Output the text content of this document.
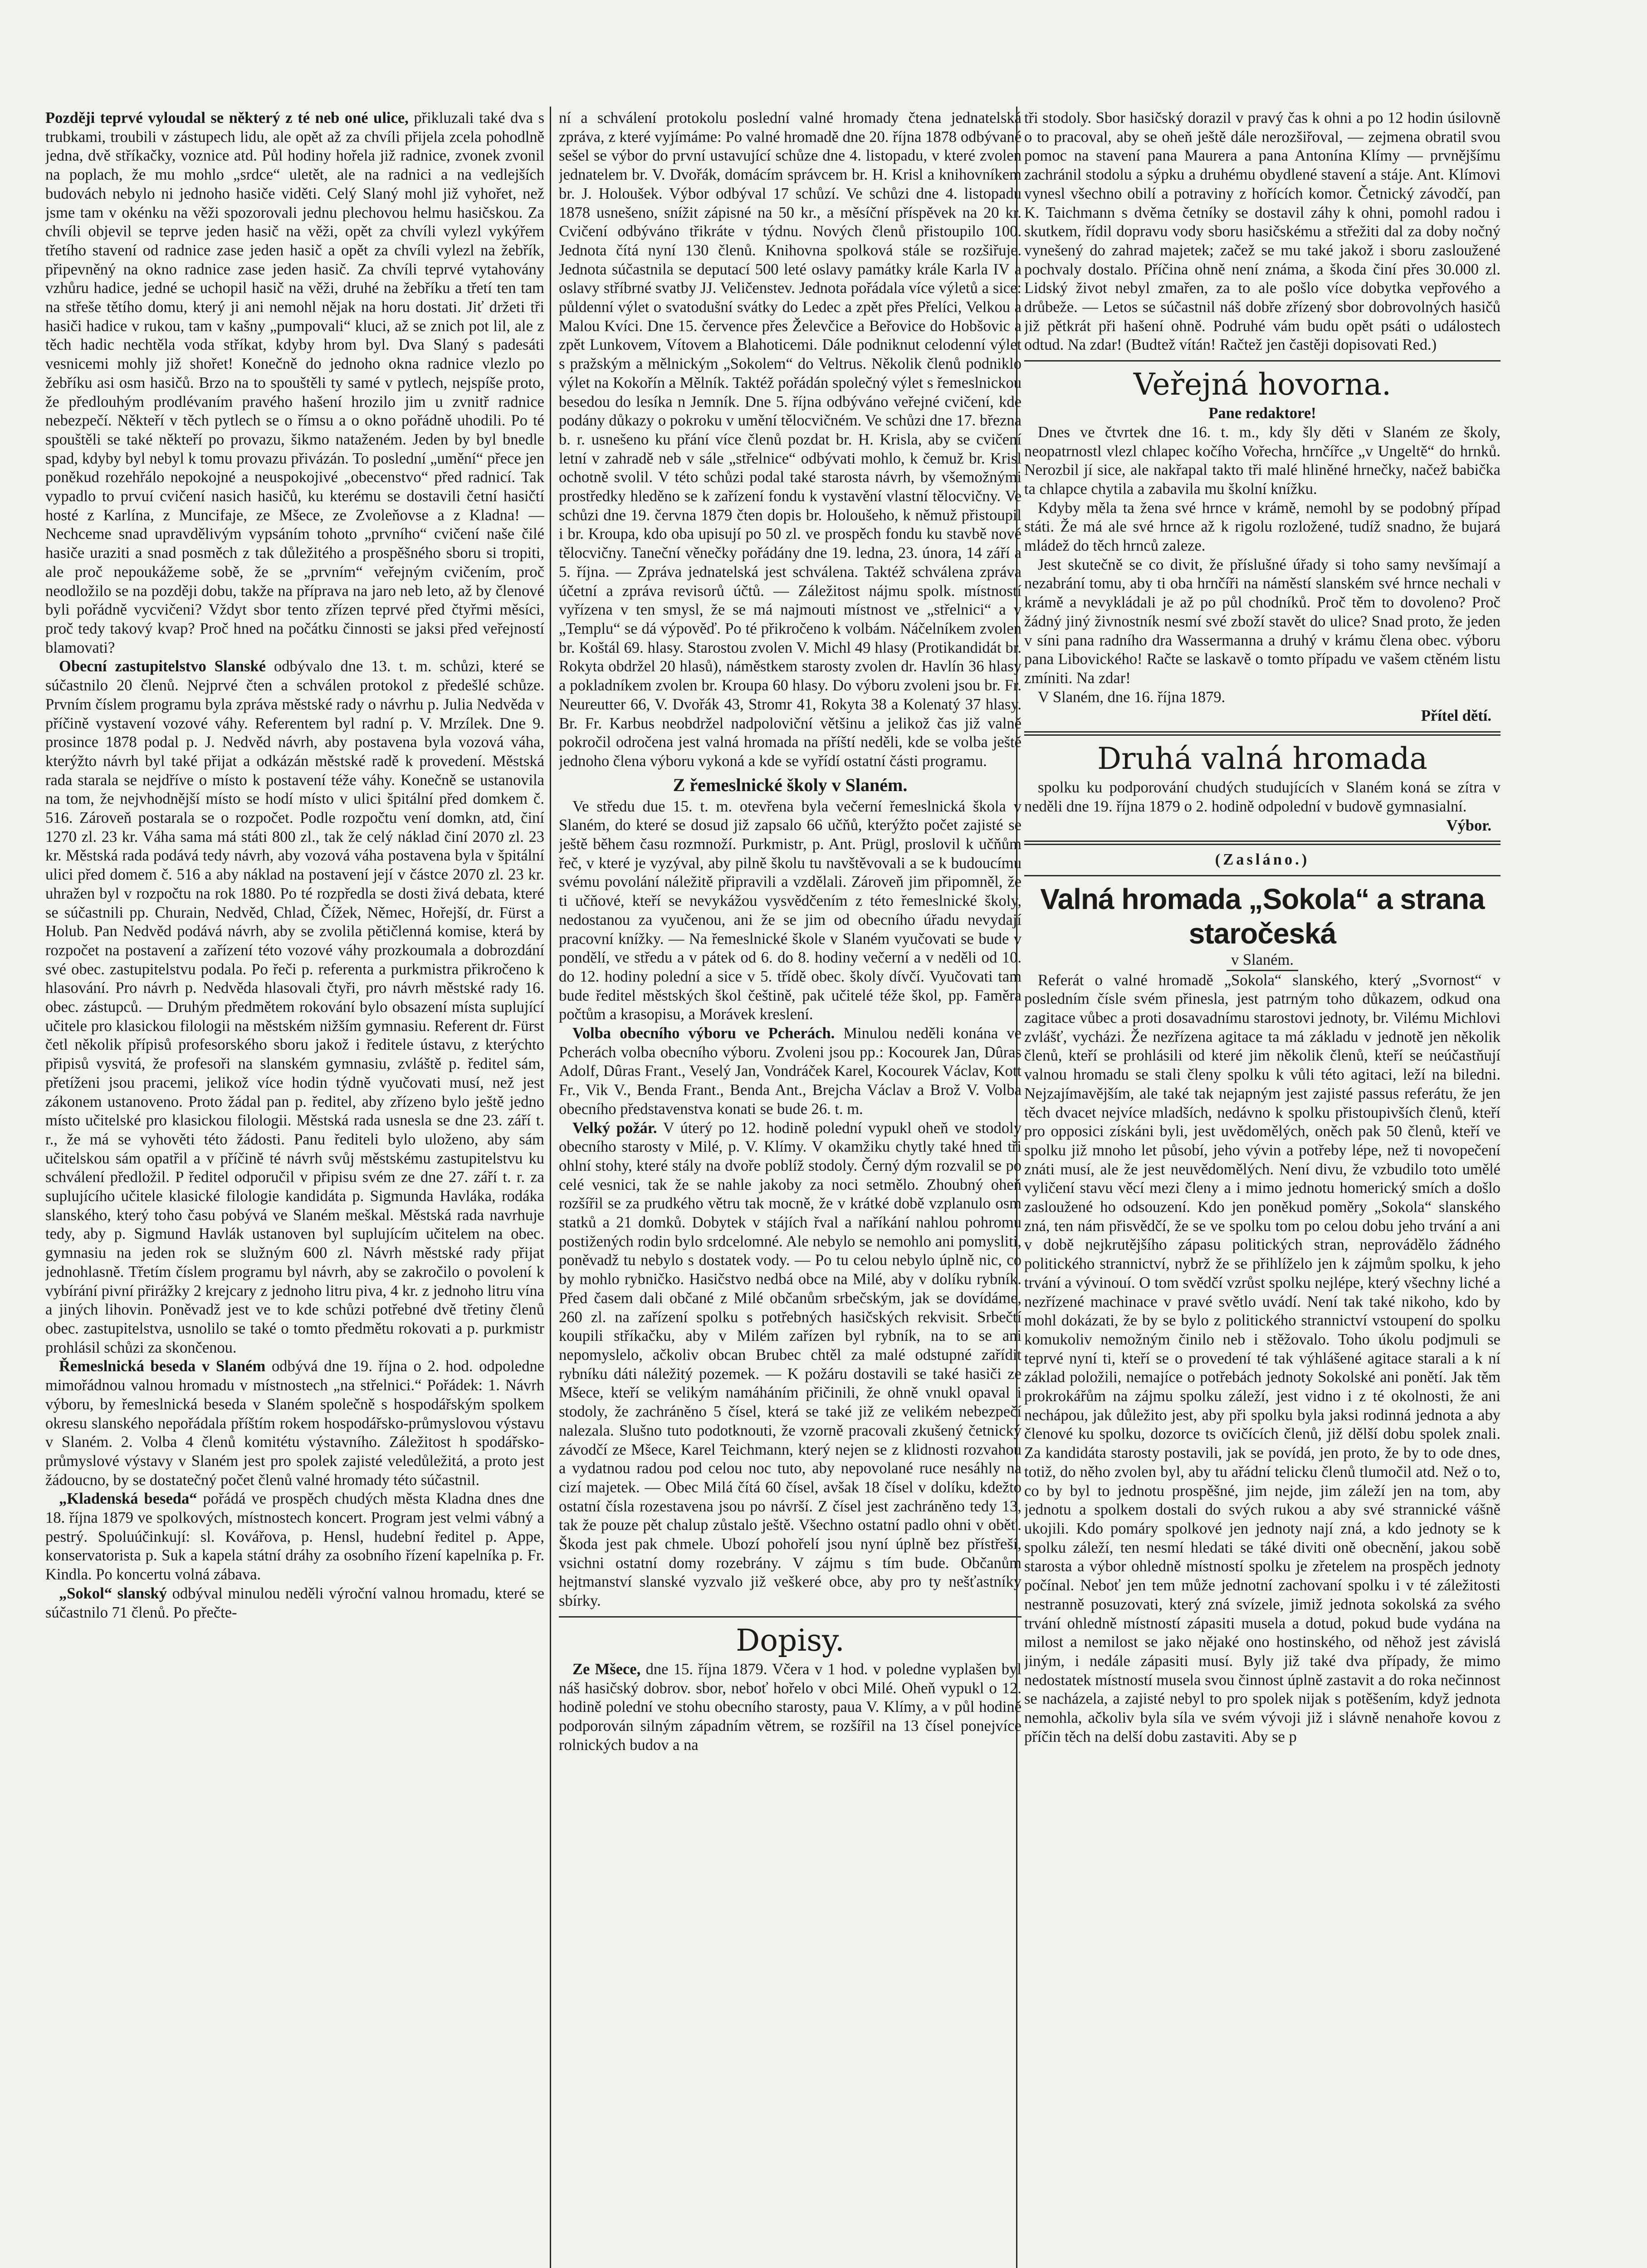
Později teprvé vyloudal se některý z té neb oné ulice, přikluzali také dva s trubkami, troubili v zástupech lidu, ale opět až za chvíli přijela zcela pohodlně jedna, dvě stříkačky, voznice atd. Půl hodiny hořela již radnice, zvonek zvonil na poplach, že mu mohlo „srdce“ uletět, ale na radnici a na vedlejších budovách nebylo ni jednoho hasiče viděti. Celý Slaný mohl již vyhořet, než jsme tam v okénku na věži spozorovali jednu plechovou helmu hasičskou. Za chvíli objevil se teprve jeden hasič na věži, opět za chvíli vylezl vykýřem třetího stavení od radnice zase jeden hasič a opět za chvíli vylezl na žebřík, připevněný na okno radnice zase jeden hasič. Za chvíli teprvé vytahovány vzhůru hadice, jedné se uchopil hasič na věži, druhé na žebříku a třetí ten tam na střeše tětího domu, který ji ani nemohl nějak na horu dostati. Jiť držeti tři hasiči hadice v rukou, tam v kašny „pumpovali“ kluci, až se znich pot lil, ale z těch hadic nechtěla voda stříkat, kdyby hrom byl. Dva Slaný s padesáti vesnicemi mohly již shořet! Konečně do jednoho okna radnice vlezlo po žebříku asi osm hasičů. Brzo na to spouštěli ty samé v pytlech, nejspíše proto, že předlouhým prodlévaním pravého hašení hrozilo jim u zvnitř radnice nebezpečí. Někteří v těch pytlech se o římsu a o okno pořádně uhodili. Po té spouštěli se také někteří po provazu, šikmo nataženém. Jeden by byl bnedle spad, kdyby byl nebyl k tomu provazu přivázán. To poslední „umění“ přece jen poněkud rozehřálo nepokojné a neuspokojivé „obecenstvo“ před radnicí. Tak vypadlo to prvuí cvičení nasich hasičů, ku kterému se dostavili četní hasičtí hosté z Karlína, z Muncifaje, ze Mšece, ze Zvoleňovse a z Kladna! — Nechceme snad upravdělivým vypsáním tohoto „prvního“ cvičení naše čilé hasiče uraziti a snad posměch z tak důležitého a prospěšného sboru si tropiti, ale proč nepoukážeme sobě, že se „prvním“ veřejným cvičením, proč neodložilo se na později dobu, takže na příprava na jaro neb leto, až by členové byli pořádně vycvičeni? Vždyt sbor tento zřízen teprvé před čtyřmi měsíci, proč tedy takový kvap? Proč hned na počátku činnosti se jaksi před veřejností blamovati?

Obecní zastupitelstvo Slanské odbývalo dne 13. t. m. schůzi, které se súčastnilo 20 členů. Nejprvé čten a schválen protokol z předešlé schůze. Prvním číslem programu byla zpráva městské rady o návrhu p. Julia Nedvěda v příčině vystavení vozové váhy. Referentem byl radní p. V. Mrzílek. Dne 9. prosince 1878 podal p. J. Nedvěd návrh, aby postavena byla vozová váha, kterýžto návrh byl také přijat a odkázán městské radě k provedení. Městská rada starala se nejdříve o místo k postavení téže váhy. Konečně se ustanovila na tom, že nejvhodnější místo se hodí místo v ulici špitální před domkem č. 516. Zároveň postarala se o rozpočet. Podle rozpočtu vení domkn, atd, činí 1270 zl. 23 kr. Váha sama má státi 800 zl., tak že celý náklad činí 2070 zl. 23 kr. Městská rada podává tedy návrh, aby vozová váha postavena byla v špitální ulici před domem č. 516 a aby náklad na postavení její v částce 2070 zl. 23 kr. uhražen byl v rozpočtu na rok 1880. Po té rozpředla se dosti živá debata, které se súčastnili pp. Churain, Nedvěd, Chlad, Čížek, Němec, Hořejší, dr. Fürst a Holub. Pan Nedvěd podává návrh, aby se zvolila pětičlenná komise, která by rozpočet na postavení a zařízení této vozové váhy prozkoumala a dobrozdání své obec. zastupitelstvu podala. Po řeči p. referenta a purkmistra přikročeno k hlasování. Pro návrh p. Nedvěda hlasovali čtyři, pro návrh městské rady 16. obec. zástupců. — Druhým předmětem rokování bylo obsazení místa suplující učitele pro klasickou filologii na městském nižším gymnasiu. Referent dr. Fürst četl několik přípisů profesorského sboru jakož i ředitele ústavu, z kterýchto připisů vysvitá, že profesoři na slanském gymnasiu, zvláště p. ředitel sám, přetíženi jsou pracemi, jelikož více hodin týdně vyučovati musí, než jest zákonem ustanoveno. Proto žádal pan p. ředitel, aby zřízeno bylo ještě jedno místo učitelské pro klasickou filologii. Městská rada usnesla se dne 23. září t. r., že má se vyhověti této žádosti. Panu řediteli bylo uloženo, aby sám učitelskou sám opatřil a v příčině té návrh svůj městskému zastupitelstvu ku schválení předložil. P ředitel odporučil v připisu svém ze dne 27. září t. r. za suplujícího učitele klasické filologie kandidáta p. Sigmunda Havláka, rodáka slanského, který toho času pobývá ve Slaném meškal. Městská rada navrhuje tedy, aby p. Sigmund Havlák ustanoven byl suplujícím učitelem na obec. gymnasiu na jeden rok se služným 600 zl. Návrh městské rady přijat jednohlasně. Třetím číslem programu byl návrh, aby se zakročilo o povolení k vybírání pivní přirážky 2 krejcary z jednoho litru piva, 4 kr. z jednoho litru vína a jiných lihovin. Poněvadž jest ve to kde schůzi potřebné dvě třetiny členů obec. zastupitelstva, usnolilo se také o tomto předmětu rokovati a p. purkmistr prohlásil schůzi za skončenou.

Řemeslnická beseda v Slaném odbývá dne 19. října o 2. hod. odpoledne mimořádnou valnou hromadu v místnostech „na střelnici.“ Pořádek: 1. Návrh výboru, by řemeslnická beseda v Slaném společně s hospodářským spolkem okresu slanského nepořádala příštím rokem hospodářsko-průmyslovou výstavu v Slaném. 2. Volba 4 členů komitétu výstavního. Záležitost h spodářsko-průmyslové výstavy v Slaném jest pro spolek zajisté veledůležitá, a proto jest žádoucno, by se dostatečný počet členů valné hromady této súčastnil.

„Kladenská beseda“ pořádá ve prospěch chudých města Kladna dnes dne 18. října 1879 ve spolkových, místnostech koncert. Program jest velmi vábný a pestrý. Spoluúčinkují: sl. Kovářova, p. Hensl, hudební ředitel p. Appe, konservatorista p. Suk a kapela státní dráhy za osobního řízení kapelníka p. Fr. Kindla. Po koncertu volná zábava.

„Sokol“ slanský odbýval minulou neděli výroční valnou hromadu, které se súčastnilo 71 členů. Po přečte-

ní a schválení protokolu poslední valné hromady čtena jednatelská zpráva, z které vyjímáme: Po valné hromadě dne 20. října 1878 odbývané sešel se výbor do první ustavující schůze dne 4. listopadu, v které zvolen jednatelem br. V. Dvořák, domácím správcem br. H. Krisl a knihovníkem br. J. Holoušek. Výbor odbýval 17 schůzí. Ve schůzi dne 4. listopadu 1878 usnešeno, snížit zápisné na 50 kr., a měsíční příspěvek na 20 kr. Cvičení odbýváno třikráte v týdnu. Nových členů přistoupilo 100. Jednota čítá nyní 130 členů. Knihovna spolková stále se rozšiřuje. Jednota súčastnila se deputací 500 leté oslavy památky krále Karla IV a oslavy stříbrné svatby JJ. Veličenstev. Jednota pořádala více výletů a sice: půldenní výlet o svatodušní svátky do Ledec a zpět přes Přelíci, Velkou a Malou Kvíci. Dne 15. července přes Želevčice a Beřovice do Hobšovic a zpět Lunkovem, Vítovem a Blahoticemi. Dále podniknut celodenní výlet s pražským a mělnickým „Sokolem“ do Veltrus. Několik členů podniklo výlet na Kokořín a Mělník. Taktéž pořádán společný výlet s řemeslnickou besedou do lesíka n Jemník. Dne 5. října odbýváno veřejné cvičení, kde podány důkazy o pokroku v umění tělocvičném. Ve schůzi dne 17. března b. r. usnešeno ku přání více členů pozdat br. H. Krisla, aby se cvičení letní v zahradě neb v sále „střelnice“ odbývati mohlo, k čemuž br. Krisl ochotně svolil. V této schůzi podal také starosta návrh, by všemožnými prostředky hleděno se k zařízení fondu k vystavění vlastní tělocvičny. Ve schůzi dne 19. června 1879 čten dopis br. Holoušeho, k němuž přistoupil i br. Kroupa, kdo oba upisují po 50 zl. ve prospěch fondu ku stavbě nové tělocvičny. Taneční věnečky pořádány dne 19. ledna, 23. února, 14 září a 5. října. — Zpráva jednatelská jest schválena. Taktéž schválena zpráva účetní a zpráva revisorů účtů. — Záležitost nájmu spolk. místností vyřízena v ten smysl, že se má najmouti místnost ve „střelnici“ a v „Templu“ se dá výpověď. Po té přikročeno k volbám. Náčelníkem zvolen br. Koštál 69. hlasy. Starostou zvolen V. Michl 49 hlasy (Protikandidát br. Rokyta obdržel 20 hlasů), náměstkem starosty zvolen dr. Havlín 36 hlasy a pokladníkem zvolen br. Kroupa 60 hlasy. Do výboru zvoleni jsou br. Fr. Neureutter 66, V. Dvořák 43, Stromr 41, Rokyta 38 a Kolenatý 37 hlasy. Br. Fr. Karbus neobdržel nadpoloviční většinu a jelikož čas již valně pokročil odročena jest valná hromada na příští neděli, kde se volba ještě jednoho člena výboru vykoná a kde se vyřídí ostatní části programu.

Z řemeslnické školy v Slaném.

Ve středu due 15. t. m. otevřena byla večerní řemeslnická škola v Slaném, do které se dosud již zapsalo 66 učňů, kterýžto počet zajisté se ještě během času rozmnoží. Purkmistr, p. Ant. Prügl, proslovil k učňům řeč, v které je vyzýval, aby pilně školu tu navštěvovali a se k budoucímu svému povolání náležitě připravili a vzdělali. Zároveň jim připomněl, že ti učňové, kteří se nevykážou vysvědčením z této řemeslnické školy, nedostanou za vyučenou, ani že se jim od obecního úřadu nevydají pracovní knížky. — Na řemeslnické škole v Slaném vyučovati se bude v pondělí, ve středu a v pátek od 6. do 8. hodiny večerní a v neděli od 10. do 12. hodiny polední a sice v 5. třídě obec. školy dívčí. Vyučovati tam bude ředitel městských škol češtině, pak učitelé téže škol, pp. Faměra počtům a krasopisu, a Morávek kreslení.

Volba obecního výboru ve Pcherách. Minulou neděli konána ve Pcherách volba obecního výboru. Zvoleni jsou pp.: Kocourek Jan, Dûras Adolf, Dûras Frant., Veselý Jan, Vondráček Karel, Kocourek Václav, Kott Fr., Vik V., Benda Frant., Benda Ant., Brejcha Václav a Brož V. Volba obecního představenstva konati se bude 26. t. m.

Velký požár. V úterý po 12. hodině polední vypukl oheň ve stodoly obecního starosty v Milé, p. V. Klímy. V okamžiku chytly také hned tři ohlní stohy, které stály na dvoře poblíž stodoly. Černý dým rozvalil se po celé vesnici, tak že se nahle jakoby za noci setmělo. Zhoubný oheň rozšířil se za prudkého větru tak mocně, že v krátké době vzplanulo osm statků a 21 domků. Dobytek v stájích řval a naříkání nahlou pohromu postižených rodin bylo srdcelomné. Ale nebylo se nemohlo ani pomysliti, poněvadž tu nebylo s dostatek vody. — Po tu celou nebylo úplně nic, co by mohlo rybničko. Hasičstvo nedbá obce na Milé, aby v dolíku rybník. Před časem dali občané z Milé občanům srbečským, jak se dovídáme, 260 zl. na zařízení spolku s potřebných hasičských rekvisit. Srbečtí koupili stříkačku, aby v Milém zařízen byl rybník, na to se ani nepomyslelo, ačkoliv obcan Brubec chtěl za malé odstupné zařídit rybníku dáti náležitý pozemek. — K požáru dostavili se také hasiči ze Mšece, kteří se velikým namáháním přičinili, že ohně vnukl opaval i stodoly, že zachráněno 5 čísel, která se také již ze velikém nebezpečí nalezala. Slušno tuto podotknouti, že vzorně pracovali zkušený četnický závodčí ze Mšece, Karel Teichmann, který nejen se z klidnosti rozvahou a vydatnou radou pod celou noc tuto, aby nepovolané ruce nesáhly na cizí majetek. — Obec Milá čítá 60 čísel, avšak 18 čísel v dolíku, kdežto ostatní čísla rozestavena jsou po návrší. Z čísel jest zachráněno tedy 13, tak že pouze pět chalup zůstalo ještě. Všechno ostatní padlo ohni v oběť. Škoda jest pak chmele. Ubozí pohořelí jsou nyní úplně bez přístřeší, vsichni ostatní domy rozebrány. V zájmu s tím bude. Občanům hejtmanství slanské vyzvalo již veškeré obce, aby pro ty nešťastníky sbírky.

Dopisy.

Ze Mšece, dne 15. října 1879. Včera v 1 hod. v poledne vyplašen byl náš hasičský dobrov. sbor, neboť hořelo v obci Milé. Oheň vypukl o 12. hodině polední ve stohu obecního starosty, paua V. Klímy, a v půl hodině podporován silným západním větrem, se rozšířil na 13 čísel ponejvíce rolnických budov a na

tři stodoly. Sbor hasičský dorazil v pravý čas k ohni a po 12 hodin úsilovně o to pracoval, aby se oheň ještě dále nerozšiřoval, — zejmena obratil svou pomoc na stavení pana Maurera a pana Antonína Klímy — prvnějšímu zachránil stodolu a sýpku a druhému obydlené stavení a stáje. Ant. Klímovi vynesl všechno obilí a potraviny z hořících komor. Četnický závodčí, pan K. Taichmann s dvěma četníky se dostavil záhy k ohni, pomohl radou i skutkem, řídil dopravu vody sboru hasičskému a střežiti dal za doby nočný vynešený do zahrad majetek; začež se mu také jakož i sboru zasloužené pochvaly dostalo. Příčina ohně není známa, a škoda činí přes 30.000 zl. Lidský život nebyl zmařen, za to ale pošlo více dobytka vepřového a drůbeže. — Letos se súčastnil náš dobře zřízený sbor dobrovolných hasičů již pětkrát při hašení ohně. Podruhé vám budu opět psáti o událostech odtud. Na zdar! (Budtež vítán! Račtež jen častěji dopisovati Red.)

Veřejná hovorna.
Pane redaktore!

Dnes ve čtvrtek dne 16. t. m., kdy šly děti v Slaném ze školy, neopatrnostl vlezl chlapec kočího Vořecha, hrnčířce „v Ungeltě“ do hrnků. Nerozbil jí sice, ale nakřapal takto tři malé hliněné hrnečky, načež babička ta chlapce chytila a zabavila mu školní knížku.

Kdyby měla ta žena své hrnce v krámě, nemohl by se podobný případ státi. Že má ale své hrnce až k rigolu rozložené, tudíž snadno, že bujará mládež do těch hrnců zaleze.

Jest skutečně se co divit, že příslušné úřady si toho samy nevšímají a nezabrání tomu, aby ti oba hrnčíři na náměstí slanském své hrnce nechali v krámě a nevykládali je až po půl chodníků. Proč těm to dovoleno? Proč žádný jiný živnostník nesmí své zboží stavět do ulice? Snad proto, že jeden v síni pana radního dra Wassermanna a druhý v krámu člena obec. výboru pana Libovického! Račte se laskavě o tomto případu ve vašem ctěném listu zmíniti. Na zdar!

V Slaném, dne 16. října 1879.

Přítel dětí.
Druhá valná hromada

spolku ku podporování chudých studujících v Slaném koná se zítra v neděli dne 19. října 1879 o 2. hodině odpolední v budově gymnasialní.

Výbor.
(Zasláno.)
Valná hromada „Sokola“ a strana staročeská
v Slaném.

Referát o valné hromadě „Sokola“ slanského, který „Svornost“ v posledním čísle svém přinesla, jest patrným toho důkazem, odkud ona zagitace vůbec a proti dosavadnímu starostovi jednoty, br. Vilému Michlovi zvlášť, vycházi. Že nezřízena agitace ta má základu v jednotě jen několik členů, kteří se prohlásili od které jim několik členů, kteří se neúčastňují valnou hromadu se stali členy spolku k vůli této agitaci, leží na biledni. Nejzajímavějším, ale také tak nejapným jest zajisté passus referátu, že jen těch dvacet nejvíce mladších, nedávno k spolku přistoupivších členů, kteří pro opposici získáni byli, jest uvědomělých, oněch pak 50 členů, kteří ve spolku již mnoho let působí, jeho vývin a potřeby lépe, než ti novopečení znáti musí, ale že jest neuvědomělých. Není divu, že vzbudilo toto umělé vyličení stavu věcí mezi členy a i mimo jednotu homerický smích a došlo zasloužené ho odsouzení. Kdo jen poněkud poměry „Sokola“ slanského zná, ten nám přisvědčí, že se ve spolku tom po celou dobu jeho trvání a ani v době nejkrutějšího zápasu politických stran, neprovádělo žádného politického strannictví, nybrž že se přihlíželo jen k zájmům spolku, k jeho trvání a vývinouí. O tom svědčí vzrůst spolku nejlépe, který všechny liché a nezřízené machinace v pravé světlo uvádí. Není tak také nikoho, kdo by mohl dokázati, že by se bylo z politického strannictví vstoupení do spolku komukoliv nemožným činilo neb i stěžovalo. Toho úkolu podjmuli se teprvé nyní ti, kteří se o provedení té tak výhlášené agitace starali a k ní základ položili, nemajíce o potřebách jednoty Sokolské ani ponětí. Jak těm prokrokářům na zájmu spolku záleží, jest vidno i z té okolnosti, že ani nechápou, jak důležito jest, aby při spolku byla jaksi rodinná jednota a aby členové ku spolku, dozorce ts ovičících členů, již dělší dobu spolek znali. Za kandidáta starosty postavili, jak se povídá, jen proto, že by to ode dnes, totiž, do něho zvolen byl, aby tu ařádní telicku členů tlumočil atd. Než o to, co by byl to jednotu prospěšné, jim nejde, jim záleží jen na tom, aby jednotu a spolkem dostali do svých rukou a aby své strannické vášně ukojili. Kdo pomáry spolkové jen jednoty nají zná, a kdo jednoty se k spolku záleží, ten nesmí hledati se táké diviti oně obecnění, jakou sobě starosta a výbor ohledně místností spolku je zřetelem na prospěch jednoty počínal. Neboť jen tem může jednotní zachovaní spolku i v té záležitosti nestranně posuzovati, který zná svízele, jimiž jednota sokolská za svého trvání ohledně místností zápasiti musela a dotud, pokud bude vydána na milost a nemilost se jako nějaké ono hostinského, od něhož jest závislá jiným, i nedále zápasiti musí. Byly již také dva případy, že mimo nedostatek místností musela svou činnost úplně zastavit a do roka nečinnost se nacházela, a zajisté nebyl to pro spolek nijak s potěšením, když jednota nemohla, ačkoliv byla síla ve svém vývoji již i slávně nenahoře kovou z příčin těch na delší dobu zastaviti. Aby se p
